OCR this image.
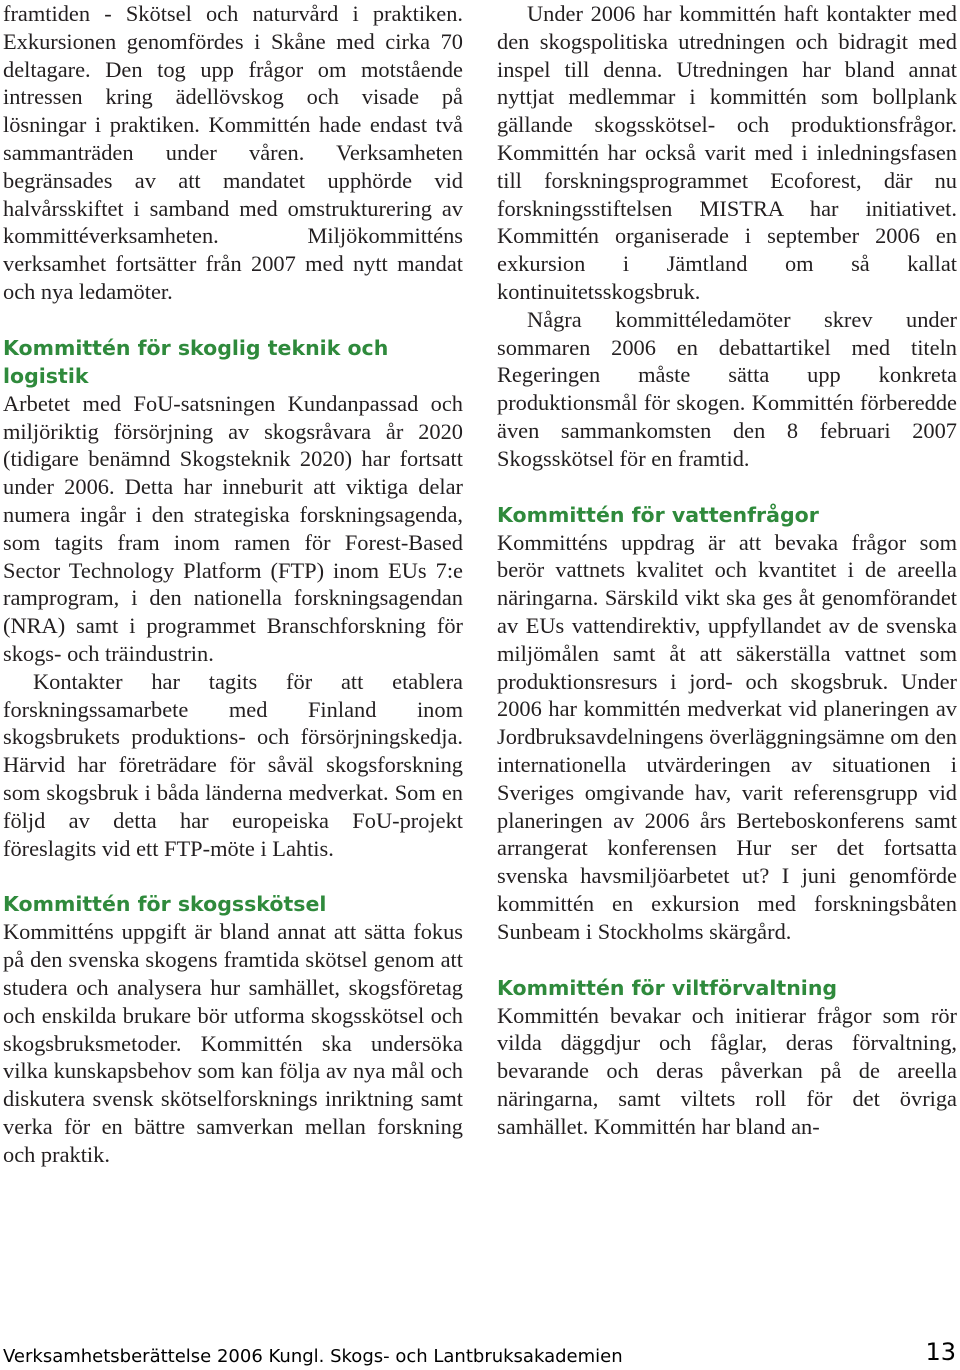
framtiden - Skötsel och naturvård i praktiken. Exkursionen genomfördes i Skåne med cirka 70 deltagare. Den tog upp frågor om motstående intressen kring ädellövskog och visade på lösningar i praktiken. Kommittén hade endast två sammanträden under våren. Verksamheten begränsades av att mandatet upphörde vid halvårsskiftet i samband med omstrukturering av kommittéverksamheten. Miljökommitténs verksamhet fortsätter från 2007 med nytt mandat och nya ledamöter.

Kommittén för skoglig teknik och logistik

Arbetet med FoU-satsningen Kundanpassad och miljöriktig försörjning av skogsråvara år 2020 (tidigare benämnd Skogsteknik 2020) har fortsatt under 2006. Detta har inneburit att viktiga delar numera ingår i den strategiska forskningsagenda, som tagits fram inom ramen för Forest-Based Sector Technology Platform (FTP) inom EUs 7:e ramprogram, i den nationella forskningsagendan (NRA) samt i programmet Branschforskning för skogs- och träindustrin.

Kontakter har tagits för att etablera forskningssamarbete med Finland inom skogsbrukets produktions- och försörjningskedja. Härvid har företrädare för såväl skogsforskning som skogsbruk i båda länderna medverkat. Som en följd av detta har europeiska FoU-projekt föreslagits vid ett FTP-möte i Lahtis.

Kommittén för skogsskötsel

Kommitténs uppgift är bland annat att sätta fokus på den svenska skogens framtida skötsel genom att studera och analysera hur samhället, skogsföretag och enskilda brukare bör utforma skogsskötsel och skogsbruksmetoder. Kommittén ska undersöka vilka kunskapsbehov som kan följa av nya mål och diskutera svensk skötselforsknings inriktning samt verka för en bättre samverkan mellan forskning och praktik.

Under 2006 har kommittén haft kontakter med den skogspolitiska utredningen och bidragit med inspel till denna. Utredningen har bland annat nyttjat medlemmar i kommittén som bollplank gällande skogsskötsel- och produktionsfrågor. Kommittén har också varit med i inledningsfasen till forskningsprogrammet Ecoforest, där nu forskningsstiftelsen MISTRA har initiativet. Kommittén organiserade i september 2006 en exkursion i Jämtland om så kallat kontinuitetsskogsbruk.

Några kommittéledamöter skrev under sommaren 2006 en debattartikel med titeln Regeringen måste sätta upp konkreta produktionsmål för skogen. Kommittén förberedde även sammankomsten den 8 februari 2007 Skogsskötsel för en framtid.

Kommittén för vattenfrågor

Kommitténs uppdrag är att bevaka frågor som berör vattnets kvalitet och kvantitet i de areella näringarna. Särskild vikt ska ges åt genomförandet av EUs vattendirektiv, uppfyllandet av de svenska miljömålen samt åt att säkerställa vattnet som produktionsresurs i jord- och skogsbruk. Under 2006 har kommittén medverkat vid planeringen av Jordbruksavdelningens överläggningsämne om den internationella utvärderingen av situationen i Sveriges omgivande hav, varit referensgrupp vid planeringen av 2006 års Berteboskonferens samt arrangerat konferensen Hur ser det fortsatta svenska havsmiljöarbetet ut? I juni genomförde kommittén en exkursion med forskningsbåten Sunbeam i Stockholms skärgård.

Kommittén för viltförvaltning

Kommittén bevakar och initierar frågor som rör vilda däggdjur och fåglar, deras förvaltning, bevarande och deras påverkan på de areella näringarna, samt viltets roll för det övriga samhället. Kommittén har bland an-

Verksamhetsberättelse 2006 Kungl. Skogs- och Lantbruksakademien	13
